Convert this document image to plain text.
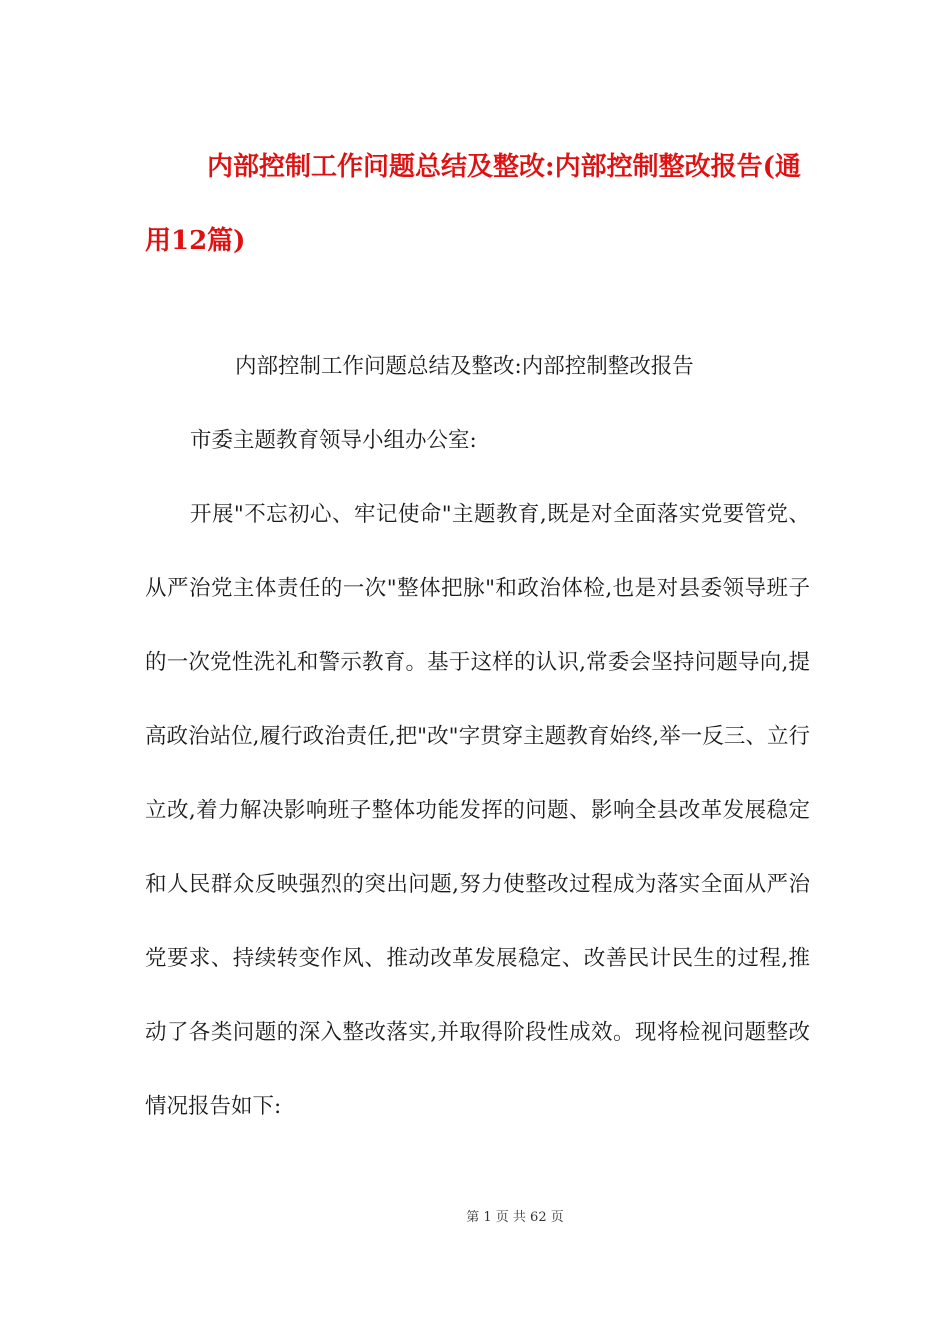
内部控制工作问题总结及整改:内部控制整改报告(通用12篇)

内部控制工作问题总结及整改:内部控制整改报告

市委主题教育领导小组办公室:

开展"不忘初心、牢记使命"主题教育,既是对全面落实党要管党、从严治党主体责任的一次"整体把脉"和政治体检,也是对县委领导班子的一次党性洗礼和警示教育。基于这样的认识,常委会坚持问题导向,提高政治站位,履行政治责任,把"改"字贯穿主题教育始终,举一反三、立行立改,着力解决影响班子整体功能发挥的问题、影响全县改革发展稳定和人民群众反映强烈的突出问题,努力使整改过程成为落实全面从严治党要求、持续转变作风、推动改革发展稳定、改善民计民生的过程,推动了各类问题的深入整改落实,并取得阶段性成效。现将检视问题整改情况报告如下:

第 1 页 共 62 页
